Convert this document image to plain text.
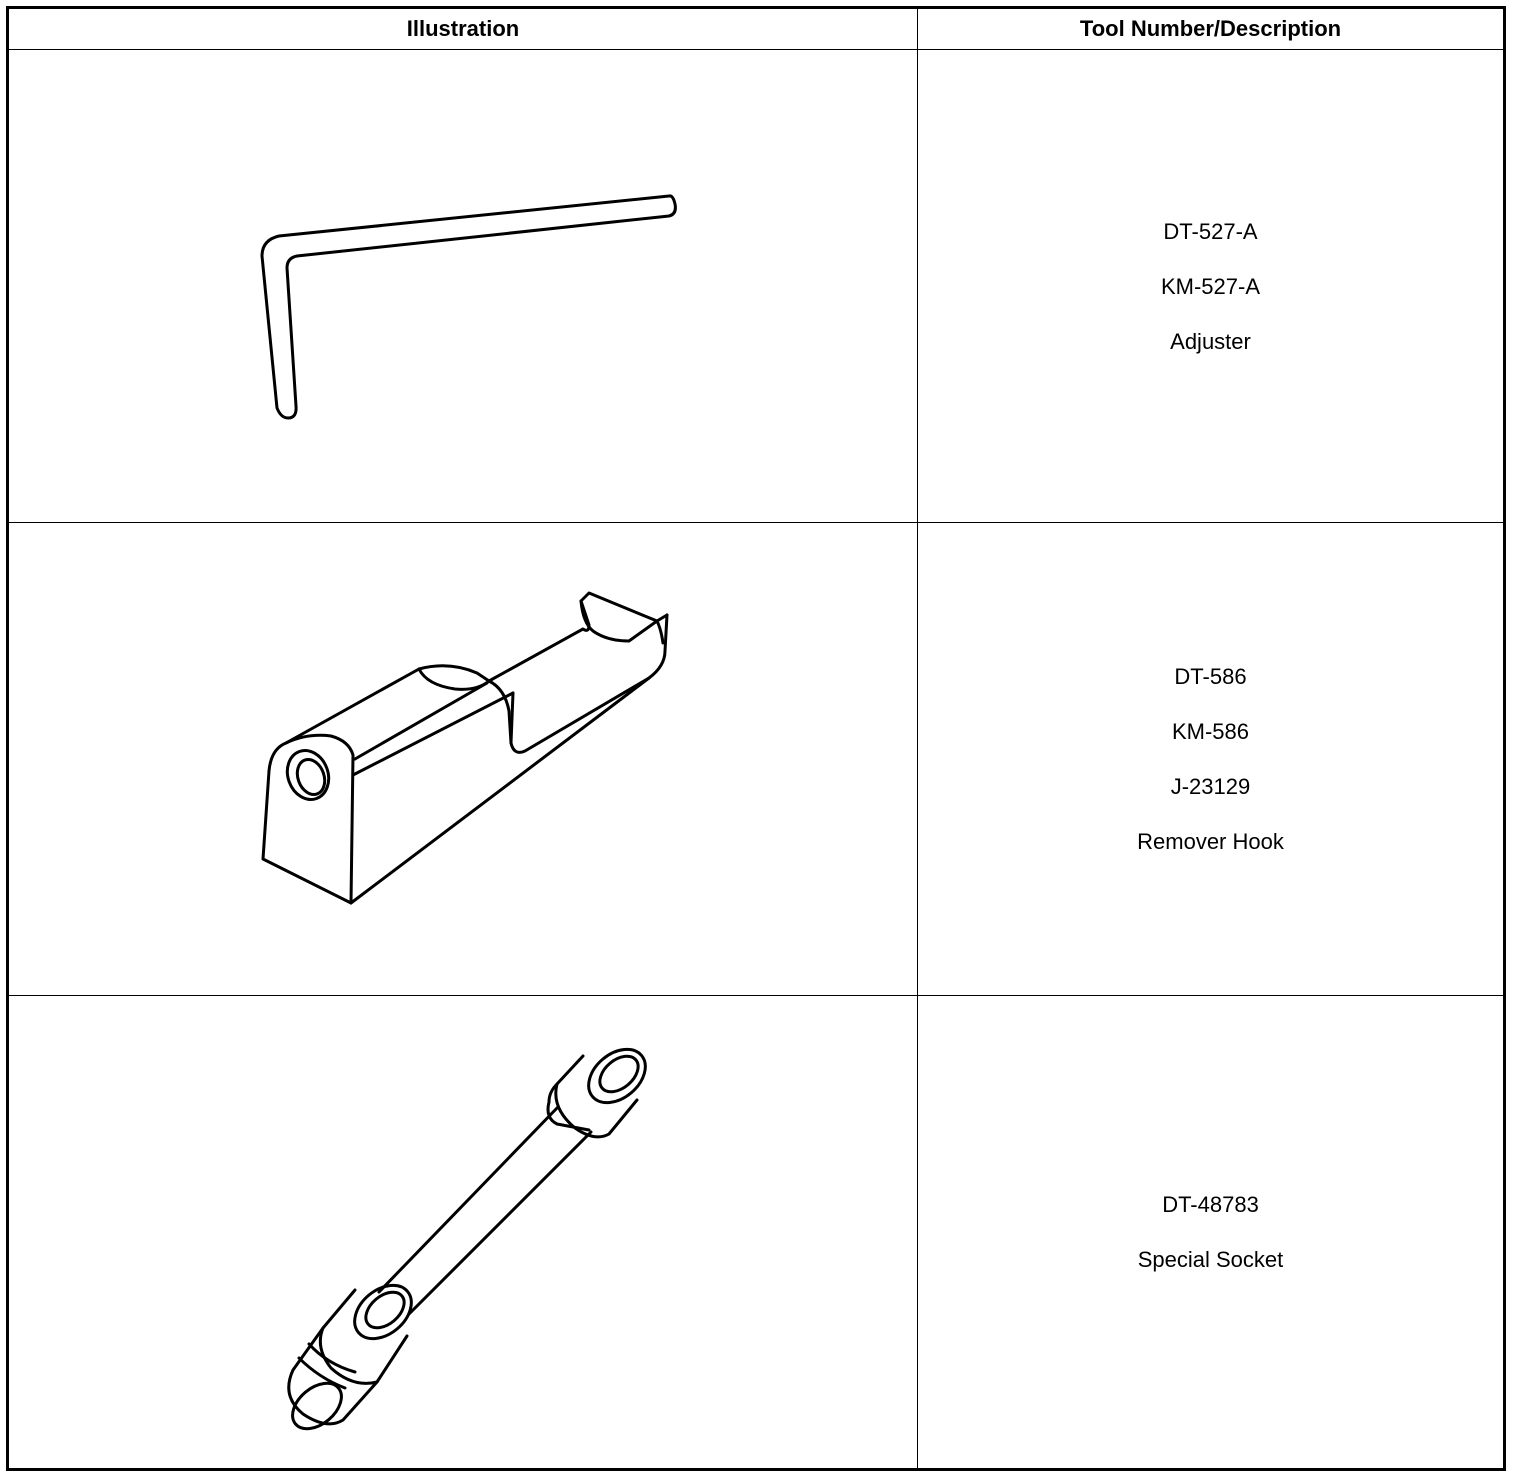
Illustration	Tool Number/Description

DT-527-A
KM-527-A
Adjuster

DT-586
KM-586
J-23129
Remover Hook

DT-48783
Special Socket
